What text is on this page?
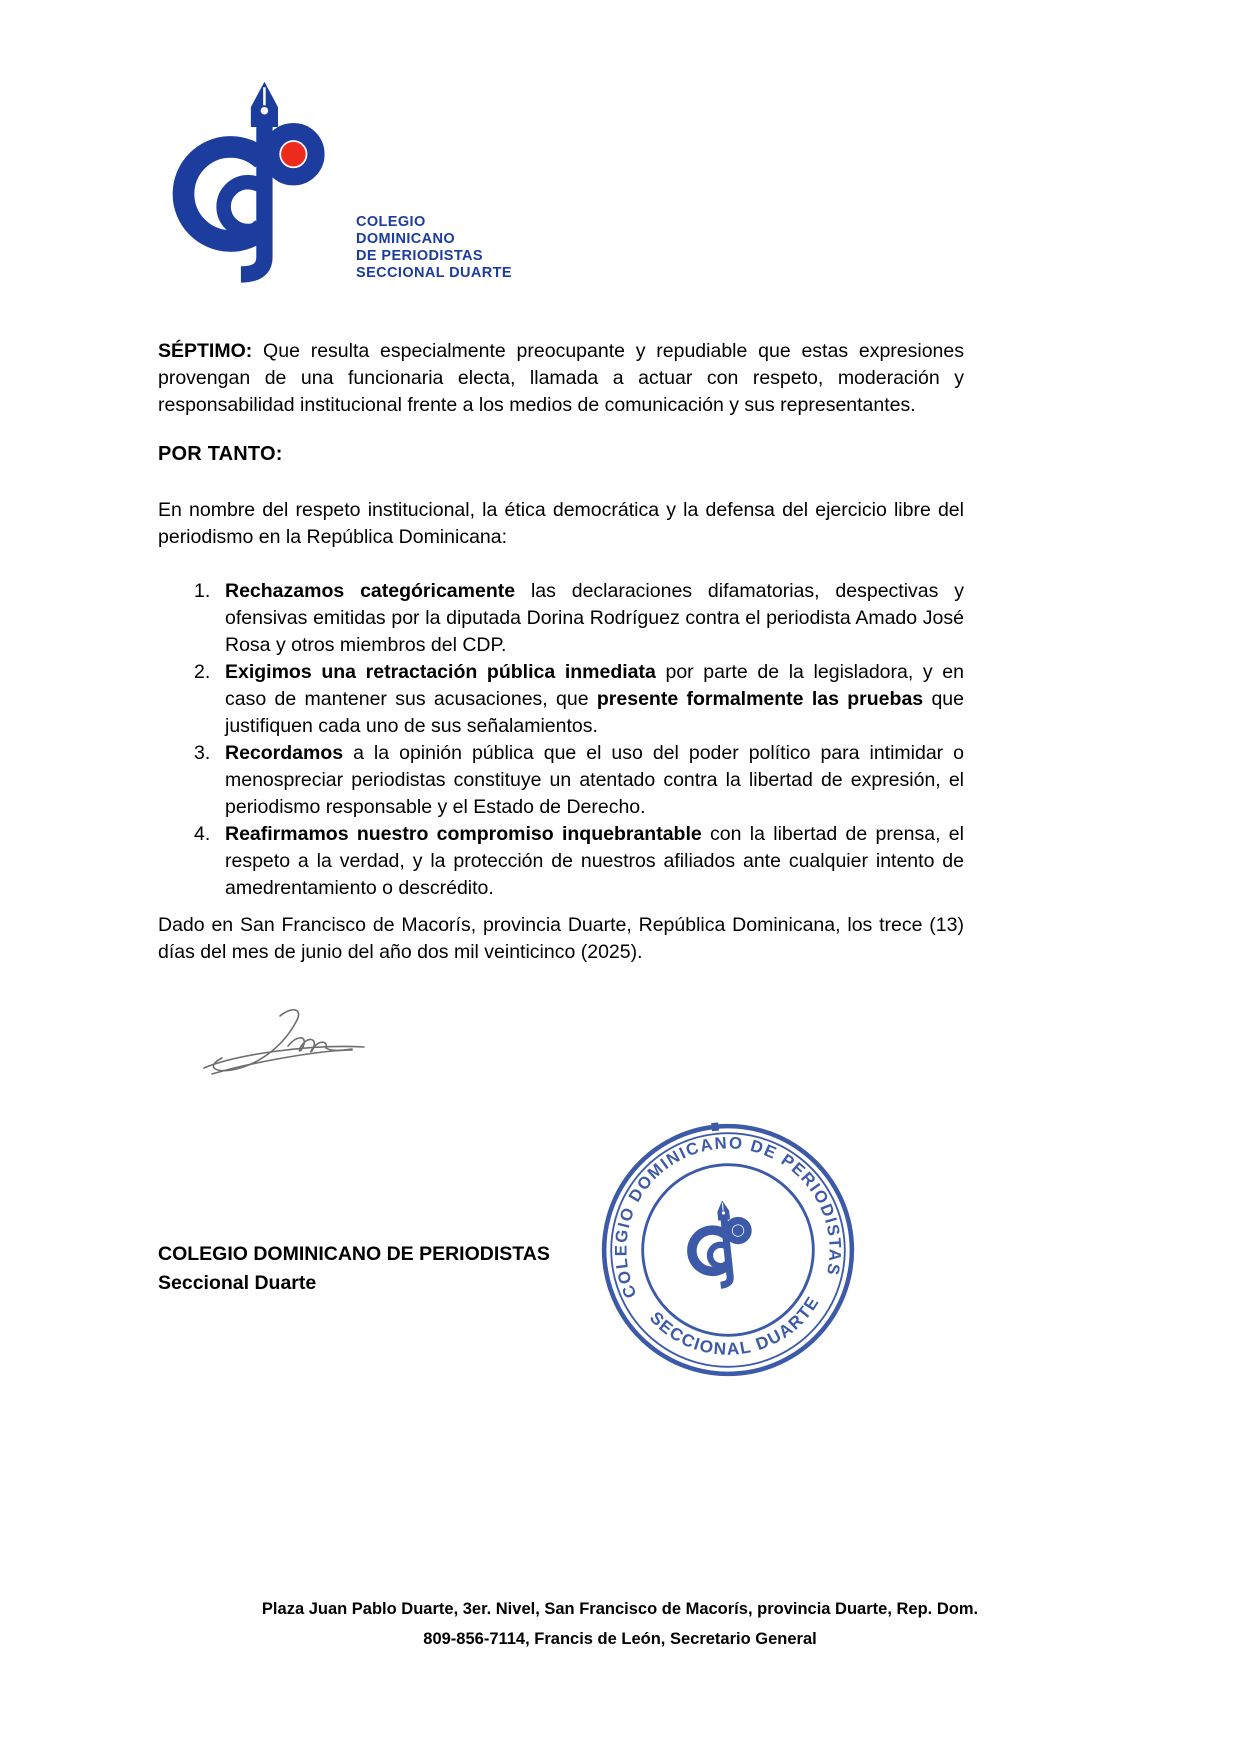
COLEGIO
DOMINICANO
DE PERIODISTAS
SECCIONAL DUARTE
SÉPTIMO: Que resulta especialmente preocupante y repudiable que estas expresiones provengan de una funcionaria electa, llamada a actuar con respeto, moderación y responsabilidad institucional frente a los medios de comunicación y sus representantes.
POR TANTO:
En nombre del respeto institucional, la ética democrática y la defensa del ejercicio libre del periodismo en la República Dominicana:
1. Rechazamos categóricamente las declaraciones difamatorias, despectivas y ofensivas emitidas por la diputada Dorina Rodríguez contra el periodista Amado José Rosa y otros miembros del CDP.
2. Exigimos una retractación pública inmediata por parte de la legisladora, y en caso de mantener sus acusaciones, que presente formalmente las pruebas que justifiquen cada uno de sus señalamientos.
3. Recordamos a la opinión pública que el uso del poder político para intimidar o menospreciar periodistas constituye un atentado contra la libertad de expresión, el periodismo responsable y el Estado de Derecho.
4. Reafirmamos nuestro compromiso inquebrantable con la libertad de prensa, el respeto a la verdad, y la protección de nuestros afiliados ante cualquier intento de amedrentamiento o descrédito.
Dado en San Francisco de Macorís, provincia Duarte, República Dominicana, los trece (13) días del mes de junio del año dos mil veinticinco (2025).
COLEGIO DOMINICANO DE PERIODISTAS
Seccional Duarte	COLEGIO DOMINICANO DE PERIODISTAS
SECCIONAL DUARTE
Plaza Juan Pablo Duarte, 3er. Nivel, San Francisco de Macorís, provincia Duarte, Rep. Dom.
809-856-7114, Francis de León, Secretario General
